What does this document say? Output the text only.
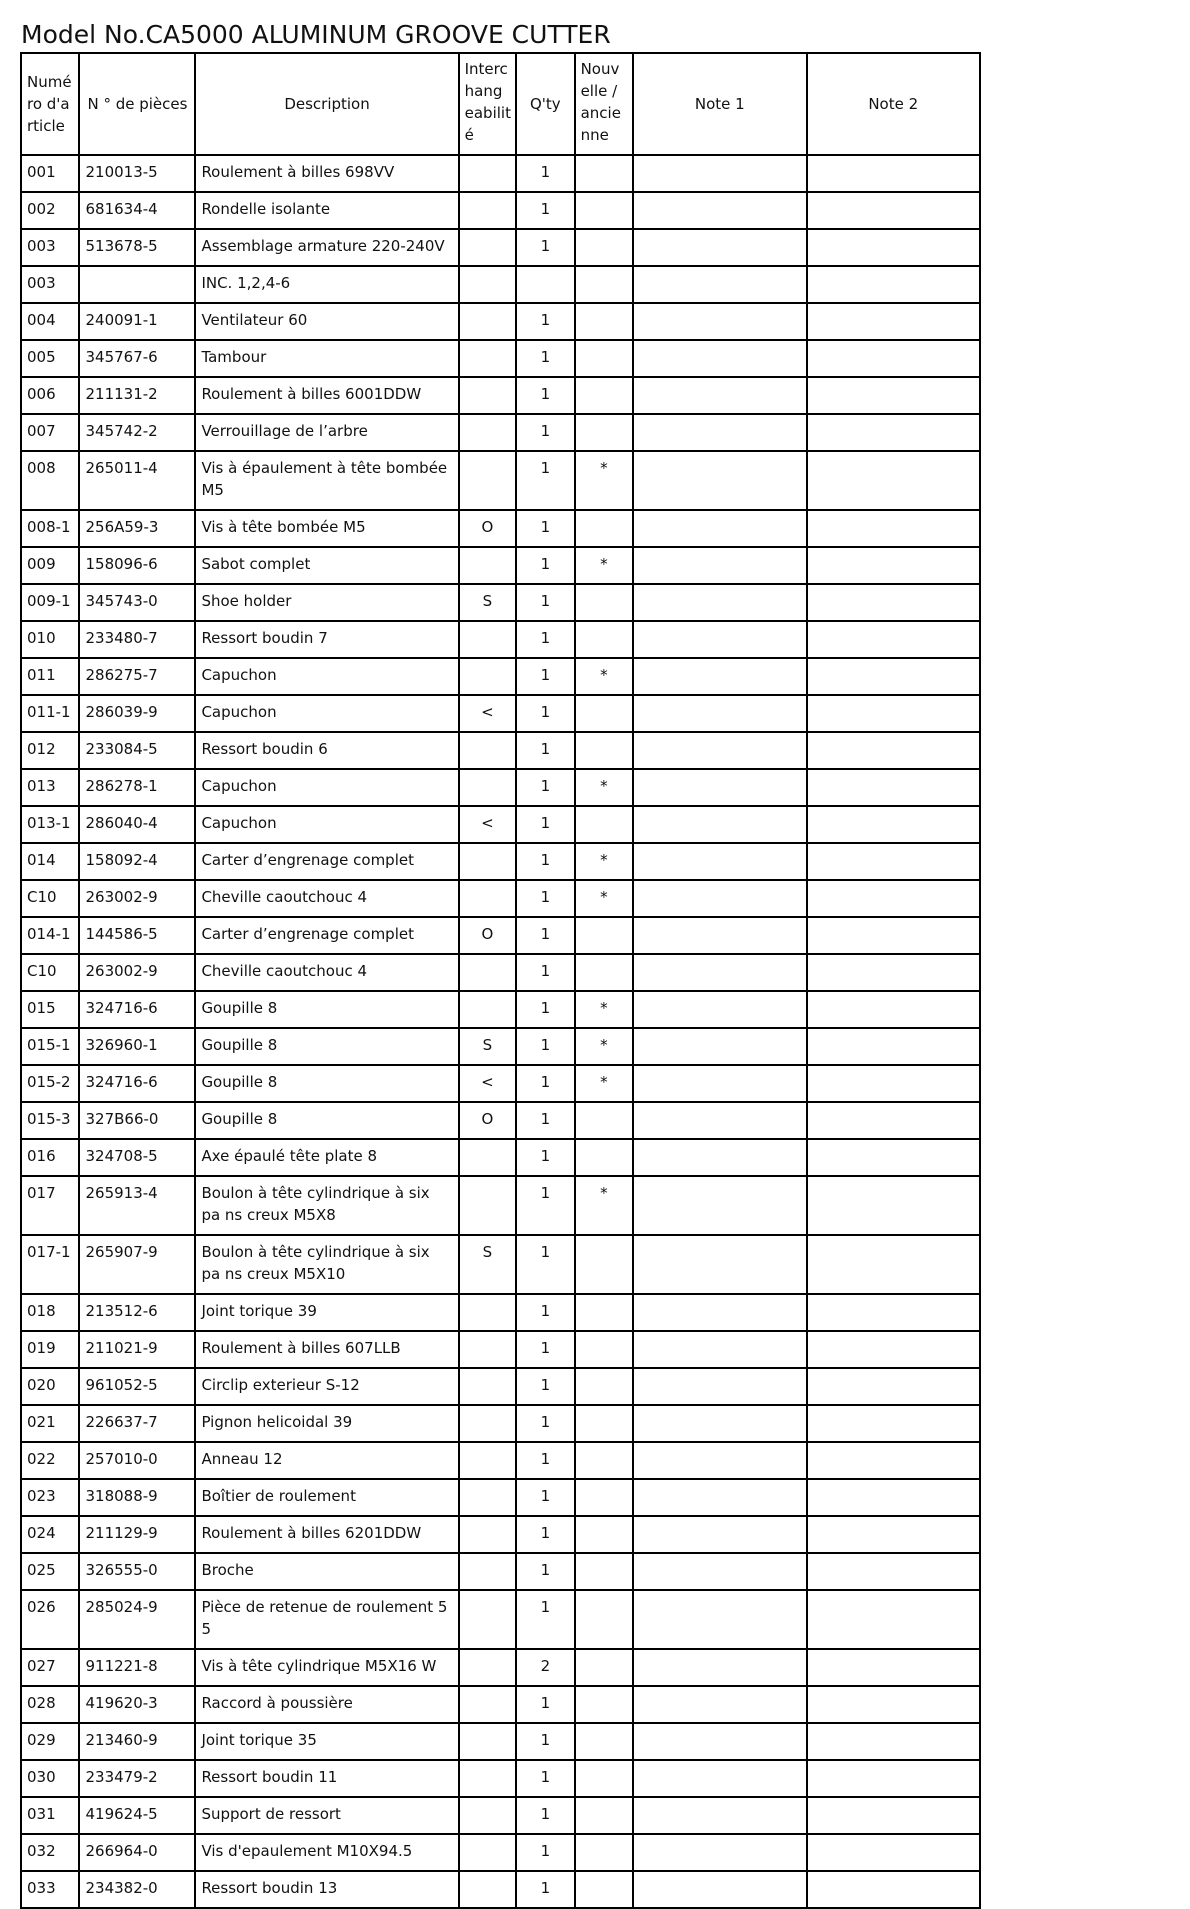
Model No.CA5000 ALUMINUM GROOVE CUTTER
Numé ro d'a rticle	N ° de pièces	Description	Interc hang eabilit é	Q'ty	Nouv elle / ancie nne	Note 1	Note 2
001	210013-5	Roulement à billes 698VV		1			
002	681634-4	Rondelle isolante		1			
003	513678-5	Assemblage armature 220-240V		1			
003		INC. 1,2,4-6					
004	240091-1	Ventilateur 60		1			
005	345767-6	Tambour		1			
006	211131-2	Roulement à billes 6001DDW		1			
007	345742-2	Verrouillage de l’arbre		1			
008	265011-4	Vis à épaulement à tête bombée M5		1	*		
008-1	256A59-3	Vis à tête bombée M5	O	1			
009	158096-6	Sabot complet		1	*		
009-1	345743-0	Shoe holder	S	1			
010	233480-7	Ressort boudin 7		1			
011	286275-7	Capuchon		1	*		
011-1	286039-9	Capuchon	<	1			
012	233084-5	Ressort boudin 6		1			
013	286278-1	Capuchon		1	*		
013-1	286040-4	Capuchon	<	1			
014	158092-4	Carter d’engrenage complet		1	*		
C10	263002-9	Cheville caoutchouc 4		1	*		
014-1	144586-5	Carter d’engrenage complet	O	1			
C10	263002-9	Cheville caoutchouc 4		1			
015	324716-6	Goupille 8		1	*		
015-1	326960-1	Goupille 8	S	1	*		
015-2	324716-6	Goupille 8	<	1	*		
015-3	327B66-0	Goupille 8	O	1			
016	324708-5	Axe épaulé tête plate 8		1			
017	265913-4	Boulon à tête cylindrique à six pa ns creux M5X8		1	*		
017-1	265907-9	Boulon à tête cylindrique à six pa ns creux M5X10	S	1			
018	213512-6	Joint torique 39		1			
019	211021-9	Roulement à billes 607LLB		1			
020	961052-5	Circlip exterieur S-12		1			
021	226637-7	Pignon helicoidal 39		1			
022	257010-0	Anneau 12		1			
023	318088-9	Boîtier de roulement		1			
024	211129-9	Roulement à billes 6201DDW		1			
025	326555-0	Broche		1			
026	285024-9	Pièce de retenue de roulement 5 5		1			
027	911221-8	Vis à tête cylindrique M5X16 W		2			
028	419620-3	Raccord à poussière		1			
029	213460-9	Joint torique 35		1			
030	233479-2	Ressort boudin 11		1			
031	419624-5	Support de ressort		1			
032	266964-0	Vis d'epaulement M10X94.5		1			
033	234382-0	Ressort boudin 13		1			
